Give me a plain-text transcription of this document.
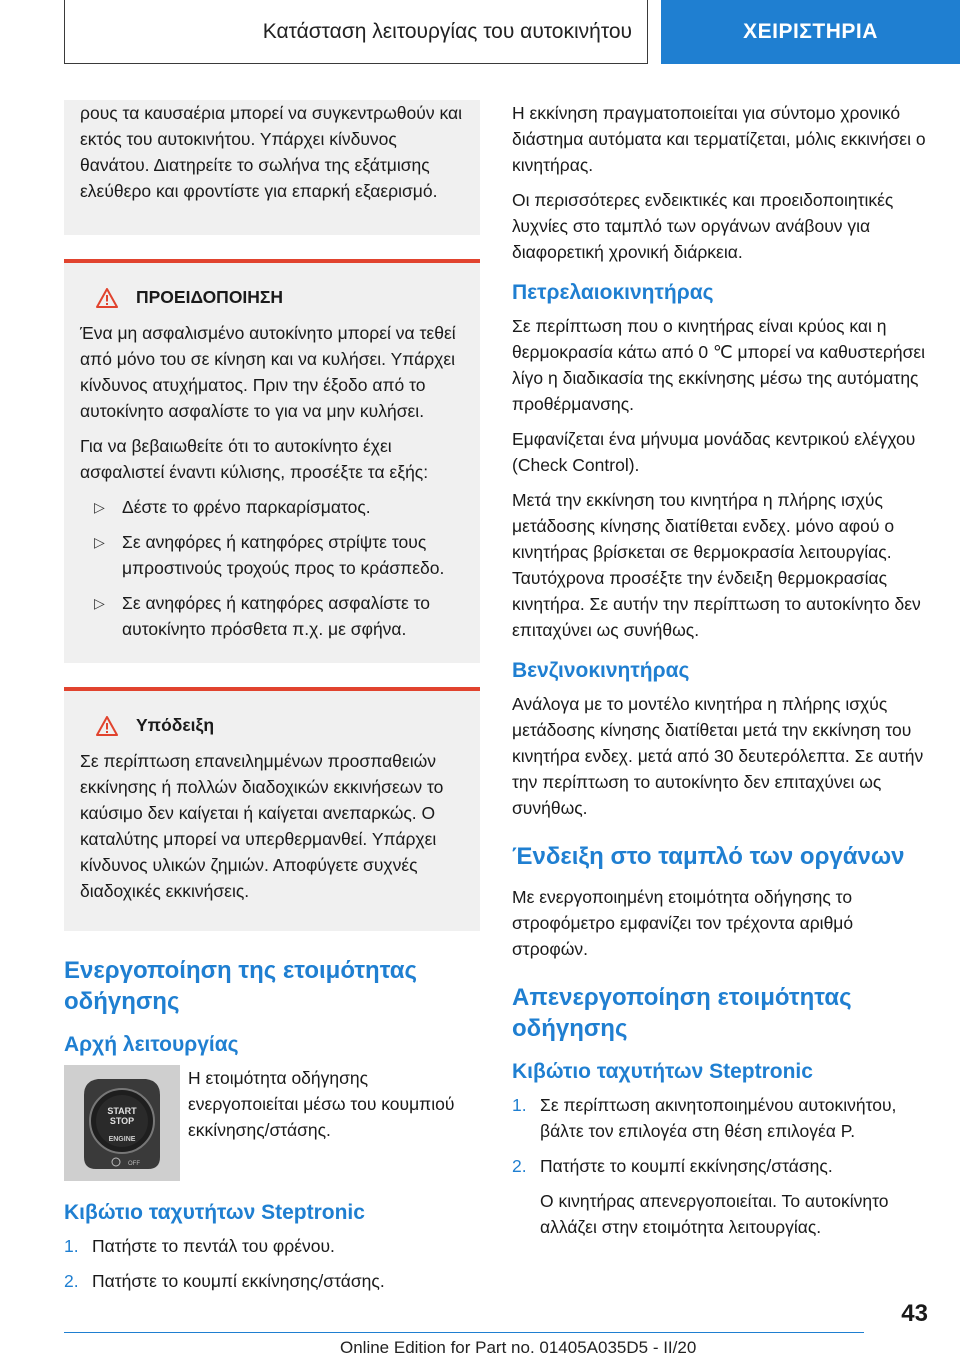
Κατάσταση λειτουργίας του αυτοκινήτου	ΧΕΙΡΙΣΤΗΡΙΑ

ρους τα καυσαέρια μπορεί να συγκεντρωθούν και εκτός του αυτοκινήτου. Υπάρχει κίνδυνος θανάτου. Διατηρείτε το σωλήνα της εξάτμισης ελεύθερο και φροντίστε για επαρκή εξαερισμό.

ΠΡΟΕΙΔΟΠΟΙΗΣΗ

Ένα μη ασφαλισμένο αυτοκίνητο μπορεί να τεθεί από μόνο του σε κίνηση και να κυλήσει. Υπάρχει κίνδυνος ατυχήματος. Πριν την έξοδο από το αυτοκίνητο ασφαλίστε το για να μην κυλήσει.

Για να βεβαιωθείτε ότι το αυτοκίνητο έχει ασφαλιστεί έναντι κύλισης, προσέξτε τα εξής:

▷ Δέστε το φρένο παρκαρίσματος.
▷ Σε ανηφόρες ή κατηφόρες στρίψτε τους μπροστινούς τροχούς προς το κράσπεδο.
▷ Σε ανηφόρες ή κατηφόρες ασφαλίστε το αυτοκίνητο πρόσθετα π.χ. με σφήνα.
Υπόδειξη

Σε περίπτωση επανειλημμένων προσπαθειών εκκίνησης ή πολλών διαδοχικών εκκινήσεων το καύσιμο δεν καίγεται ή καίγεται ανεπαρκώς. Ο καταλύτης μπορεί να υπερθερμανθεί. Υπάρχει κίνδυνος υλικών ζημιών. Αποφύγετε συχνές διαδοχικές εκκινήσεις.

Ενεργοποίηση της ετοιμότητας οδήγησης
Αρχή λειτουργίας
START
STOP
ENGINE
OFF
Η ετοιμότητα οδήγησης ενεργοποιείται μέσω του κουμπιού εκκίνησης/στάσης.
Κιβώτιο ταχυτήτων Steptronic
1. Πατήστε το πεντάλ του φρένου.
2. Πατήστε το κουμπί εκκίνησης/στάσης.

Η εκκίνηση πραγματοποιείται για σύντομο χρονικό διάστημα αυτόματα και τερματίζεται, μόλις εκκινήσει ο κινητήρας.

Οι περισσότερες ενδεικτικές και προειδοποιητικές λυχνίες στο ταμπλό των οργάνων ανάβουν για διαφορετική χρονική διάρκεια.

Πετρελαιοκινητήρας

Σε περίπτωση που ο κινητήρας είναι κρύος και η θερμοκρασία κάτω από 0 ℃ μπορεί να καθυστερήσει λίγο η διαδικασία της εκκίνησης μέσω της αυτόματης προθέρμανσης.

Εμφανίζεται ένα μήνυμα μονάδας κεντρικού ελέγχου (Check Control).

Μετά την εκκίνηση του κινητήρα η πλήρης ισχύς μετάδοσης κίνησης διατίθεται ενδεχ. μόνο αφού ο κινητήρας βρίσκεται σε θερμοκρασία λειτουργίας. Ταυτόχρονα προσέξτε την ένδειξη θερμοκρασίας κινητήρα. Σε αυτήν την περίπτωση το αυτοκίνητο δεν επιταχύνει ως συνήθως.

Βενζινοκινητήρας

Ανάλογα με το μοντέλο κινητήρα η πλήρης ισχύς μετάδοσης κίνησης διατίθεται μετά την εκκίνηση του κινητήρα ενδεχ. μετά από 30 δευτερόλεπτα. Σε αυτήν την περίπτωση το αυτοκίνητο δεν επιταχύνει ως συνήθως.

Ένδειξη στο ταμπλό των οργάνων

Με ενεργοποιημένη ετοιμότητα οδήγησης το στροφόμετρο εμφανίζει τον τρέχοντα αριθμό στροφών.

Απενεργοποίηση ετοιμότητας οδήγησης
Κιβώτιο ταχυτήτων Steptronic
1. Σε περίπτωση ακινητοποιημένου αυτοκινήτου, βάλτε τον επιλογέα στη θέση επιλογέα P.
2. Πατήστε το κουμπί εκκίνησης/στάσης.

Ο κινητήρας απενεργοποιείται. Το αυτοκίνητο αλλάζει στην ετοιμότητα λειτουργίας.

43
Online Edition for Part no. 01405A035D5 - II/20
